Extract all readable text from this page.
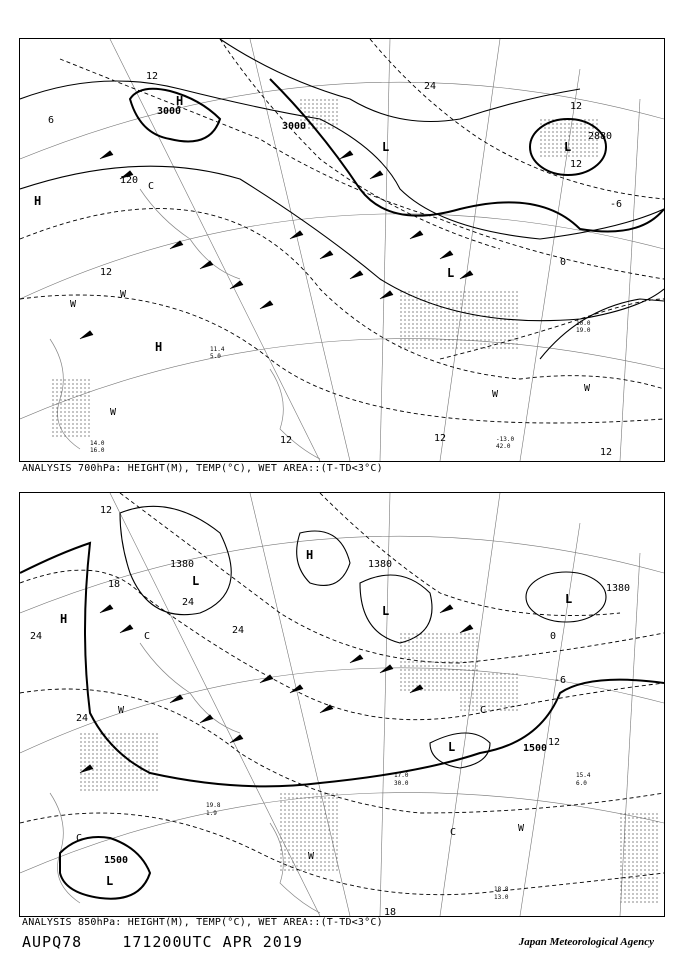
3000
3000
2880
24
12
12
12
12
12
12
12
6
-6
0
120
H
H
H
L	L
L
W
W
W
W
W
C
10.0
19.0
-13.0
42.0
14.0
16.0
11.4
5.0
ANALYSIS 700hPa: HEIGHT(M), TEMP(°C), WET AREA::(T-TD<3°C)
1380	1380
1380
1500
1500
12
18
18
24
24
24
24
0
-6
12
H
H
L
L
L
L
L
W
W
W
C
C
C
C
15.4
6.0
18.8
13.0
17.0
30.0
19.8
1.9
ANALYSIS 850hPa: HEIGHT(M), TEMP(°C), WET AREA::(T-TD<3°C)
AUPQ78	171200UTC APR 2019	Japan Meteorological Agency
